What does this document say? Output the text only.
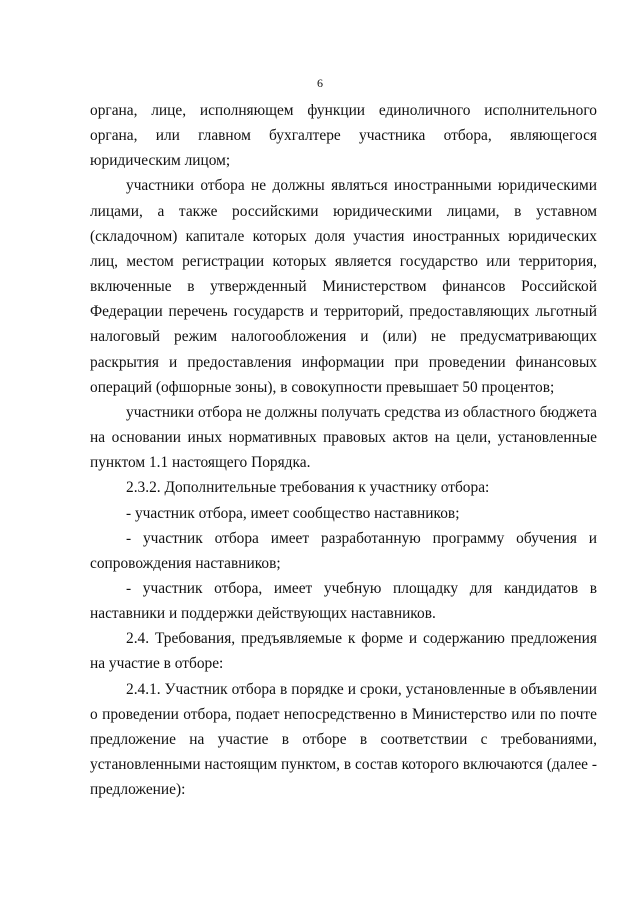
6

органа, лице, исполняющем функции единоличного исполнительного органа, или главном бухгалтере участника отбора, являющегося юридическим лицом;

участники отбора не должны являться иностранными юридическими лицами, а также российскими юридическими лицами, в уставном (складочном) капитале которых доля участия иностранных юридических лиц, местом регистрации которых является государство или территория, включенные в утвержденный Министерством финансов Российской Федерации перечень государств и территорий, предоставляющих льготный налоговый режим налогообложения и (или) не предусматривающих раскрытия и предоставления информации при проведении финансовых операций (офшорные зоны), в совокупности превышает 50 процентов;

участники отбора не должны получать средства из областного бюджета на основании иных нормативных правовых актов на цели, установленные пунктом 1.1 настоящего Порядка.

2.3.2. Дополнительные требования к участнику отбора:

- участник отбора, имеет сообщество наставников;

- участник отбора имеет разработанную программу обучения и сопровождения наставников;

- участник отбора, имеет учебную площадку для кандидатов в наставники и поддержки действующих наставников.

2.4. Требования, предъявляемые к форме и содержанию предложения на участие в отборе:

2.4.1. Участник отбора в порядке и сроки, установленные в объявлении о проведении отбора, подает непосредственно в Министерство или по почте предложение на участие в отборе в соответствии с требованиями, установленными настоящим пунктом, в состав которого включаются (далее - предложение):
